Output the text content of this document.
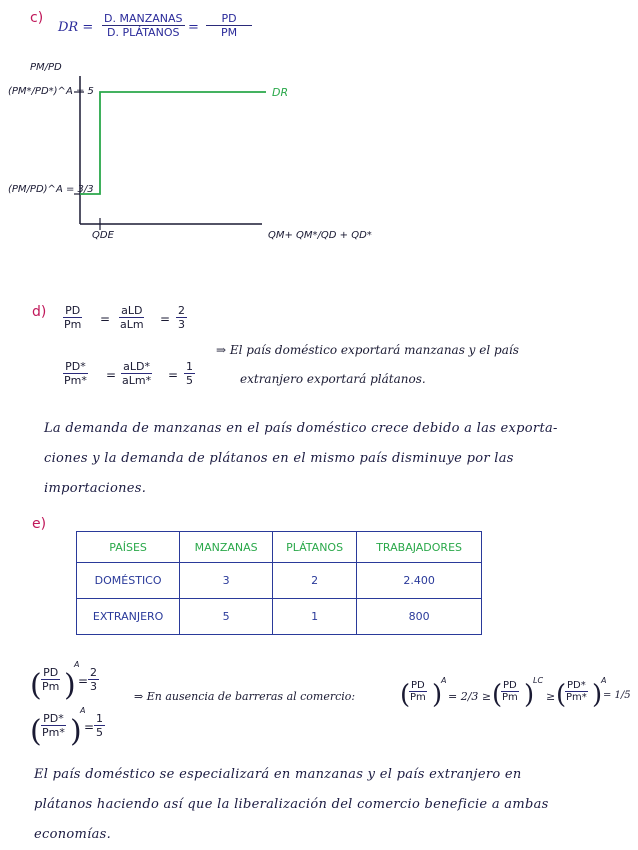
c)
DR =
D. MANZANAS
D. PLÁTANOS = $\frac{PD}{PM}$
PM/PD
(PM*/PD*)^A = 5
(PM/PD)^A = 3/3
QDE	QM+ QM*/QD + QD*
DR
$d) \frac{PD}{Pm}$ =
aLD
aLm = $\frac{2}{3}$
$\frac{PD*}{Pm*}$ =
aLD*
$aLm* = \frac{1}{5}$
⇒ El país doméstico exportará manzanas y el país
extranjero exportará plátanos.
La demanda de manzanas en el país doméstico crece debido a las exporta-
ciones y la demanda de plátanos en el mismo país disminuye por las
importaciones.
e)
PAÍSES	MANZANAS	PLÁTANOS	TRABAJADORES
DOMÉSTICO	3	2	2.400
EXTRANJERO	5	1	800
(
$\frac{PD}{Pm}$ )
A
= $\frac{2}{3}$
(
$\frac{PD*}{Pm*}$ )
A
= $\frac{1}{5}$
⇒ En ausencia de barreras al comercio: (
$\frac{PD}{Pm}$ )
A
= 2/3 ≥ (
$\frac{PD}{Pm}$ )
LC
≥ (
$\frac{PD*}{Pm*}$ )
A
= 1/5
El país doméstico se especializará en manzanas y el país extranjero en
plátanos haciendo así que la liberalización del comercio beneficie a ambas
economías.
